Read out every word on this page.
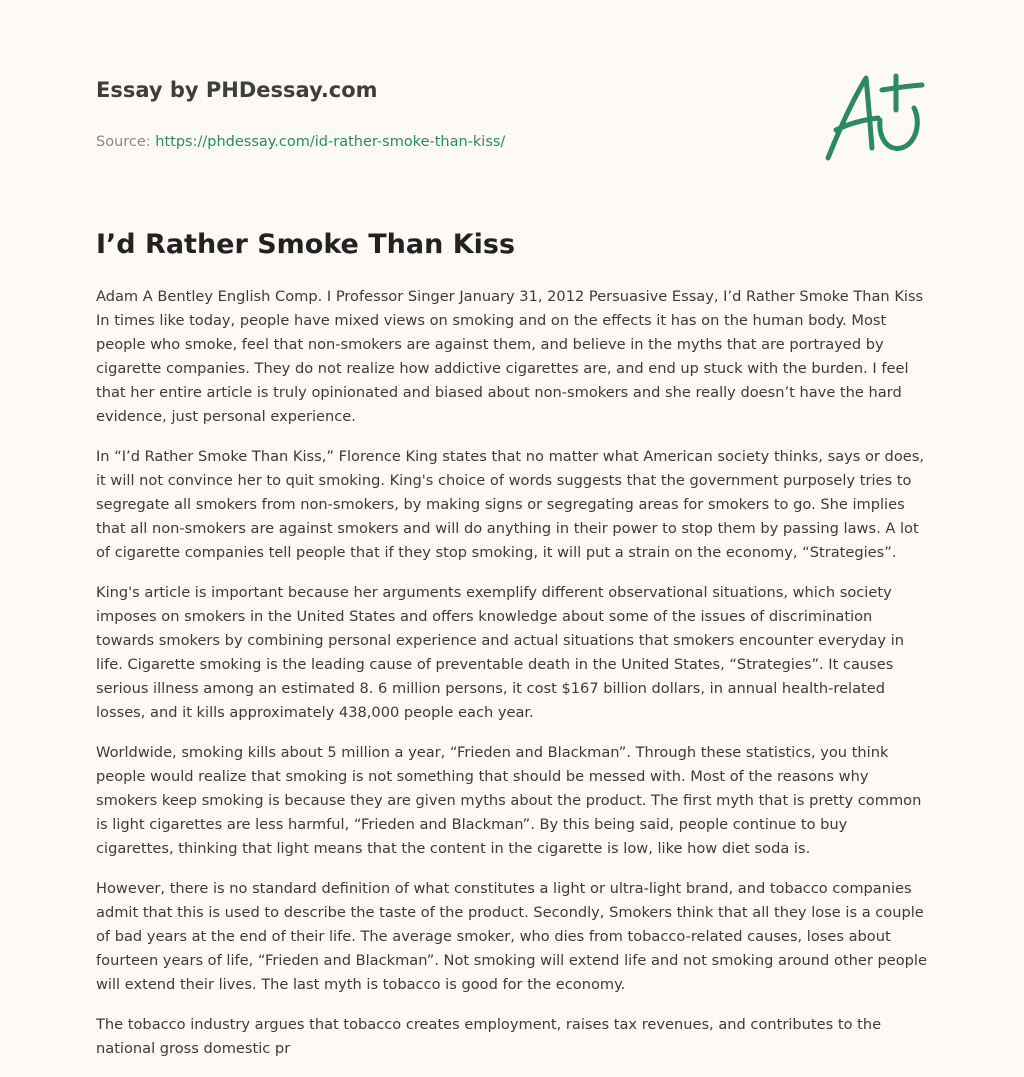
Essay by PHDessay.com
Source: https://phdessay.com/id-rather-smoke-than-kiss/
I’d Rather Smoke Than Kiss

Adam A Bentley English Comp. I Professor Singer January 31, 2012 Persuasive Essay, I’d Rather Smoke Than Kiss In times like today, people have mixed views on smoking and on the effects it has on the human body. Most people who smoke, feel that non-smokers are against them, and believe in the myths that are portrayed by cigarette companies. They do not realize how addictive cigarettes are, and end up stuck with the burden. I feel that her entire article is truly opinionated and biased about non-smokers and she really doesn’t have the hard evidence, just personal experience.

In “I’d Rather Smoke Than Kiss,” Florence King states that no matter what American society thinks, says or does, it will not convince her to quit smoking. King's choice of words suggests that the government purposely tries to segregate all smokers from non-smokers, by making signs or segregating areas for smokers to go. She implies that all non-smokers are against smokers and will do anything in their power to stop them by passing laws. A lot of cigarette companies tell people that if they stop smoking, it will put a strain on the economy, “Strategies”.

King's article is important because her arguments exemplify different observational situations, which society imposes on smokers in the United States and offers knowledge about some of the issues of discrimination towards smokers by combining personal experience and actual situations that smokers encounter everyday in life. Cigarette smoking is the leading cause of preventable death in the United States, “Strategies”. It causes serious illness among an estimated 8. 6 million persons, it cost $167 billion dollars, in annual health-related losses, and it kills approximately 438,000 people each year.

Worldwide, smoking kills about 5 million a year, “Frieden and Blackman”. Through these statistics, you think people would realize that smoking is not something that should be messed with. Most of the reasons why smokers keep smoking is because they are given myths about the product. The first myth that is pretty common is light cigarettes are less harmful, “Frieden and Blackman”. By this being said, people continue to buy cigarettes, thinking that light means that the content in the cigarette is low, like how diet soda is.

However, there is no standard definition of what constitutes a light or ultra-light brand, and tobacco companies admit that this is used to describe the taste of the product. Secondly, Smokers think that all they lose is a couple of bad years at the end of their life. The average smoker, who dies from tobacco-related causes, loses about fourteen years of life, “Frieden and Blackman”. Not smoking will extend life and not smoking around other people will extend their lives. The last myth is tobacco is good for the economy.

The tobacco industry argues that tobacco creates employment, raises tax revenues, and contributes to the national gross domestic pr
